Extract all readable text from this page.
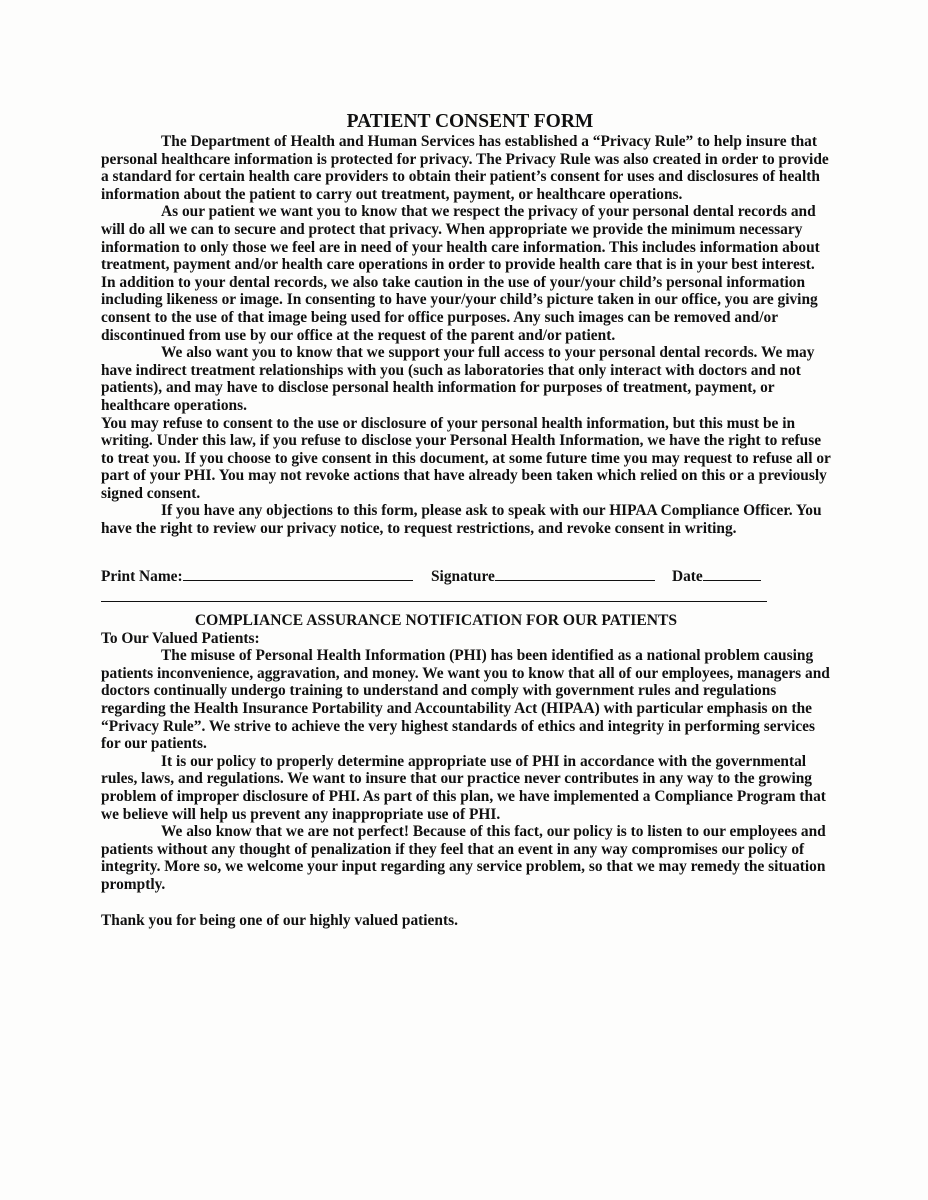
PATIENT CONSENT FORM

The Department of Health and Human Services has established a “Privacy Rule” to help insure that personal healthcare information is protected for privacy. The Privacy Rule was also created in order to provide a standard for certain health care providers to obtain their patient’s consent for uses and disclosures of health information about the patient to carry out treatment, payment, or healthcare operations.

As our patient we want you to know that we respect the privacy of your personal dental records and will do all we can to secure and protect that privacy. When appropriate we provide the minimum necessary information to only those we feel are in need of your health care information. This includes information about treatment, payment and/or health care operations in order to provide health care that is in your best interest. In addition to your dental records, we also take caution in the use of your/your child’s personal information including likeness or image. In consenting to have your/your child’s picture taken in our office, you are giving consent to the use of that image being used for office purposes. Any such images can be removed and/or discontinued from use by our office at the request of the parent and/or patient.

We also want you to know that we support your full access to your personal dental records. We may have indirect treatment relationships with you (such as laboratories that only interact with doctors and not patients), and may have to disclose personal health information for purposes of treatment, payment, or healthcare operations.

You may refuse to consent to the use or disclosure of your personal health information, but this must be in writing. Under this law, if you refuse to disclose your Personal Health Information, we have the right to refuse to treat you. If you choose to give consent in this document, at some future time you may request to refuse all or part of your PHI. You may not revoke actions that have already been taken which relied on this or a previously signed consent.

If you have any objections to this form, please ask to speak with our HIPAA Compliance Officer. You have the right to review our privacy notice, to request restrictions, and revoke consent in writing.

Print Name:	Signature	Date
COMPLIANCE ASSURANCE NOTIFICATION FOR OUR PATIENTS

To Our Valued Patients:

The misuse of Personal Health Information (PHI) has been identified as a national problem causing patients inconvenience, aggravation, and money. We want you to know that all of our employees, managers and doctors continually undergo training to understand and comply with government rules and regulations regarding the Health Insurance Portability and Accountability Act (HIPAA) with particular emphasis on the “Privacy Rule”. We strive to achieve the very highest standards of ethics and integrity in performing services for our patients.

It is our policy to properly determine appropriate use of PHI in accordance with the governmental rules, laws, and regulations. We want to insure that our practice never contributes in any way to the growing problem of improper disclosure of PHI. As part of this plan, we have implemented a Compliance Program that we believe will help us prevent any inappropriate use of PHI.

We also know that we are not perfect! Because of this fact, our policy is to listen to our employees and patients without any thought of penalization if they feel that an event in any way compromises our policy of integrity. More so, we welcome your input regarding any service problem, so that we may remedy the situation promptly.

Thank you for being one of our highly valued patients.
